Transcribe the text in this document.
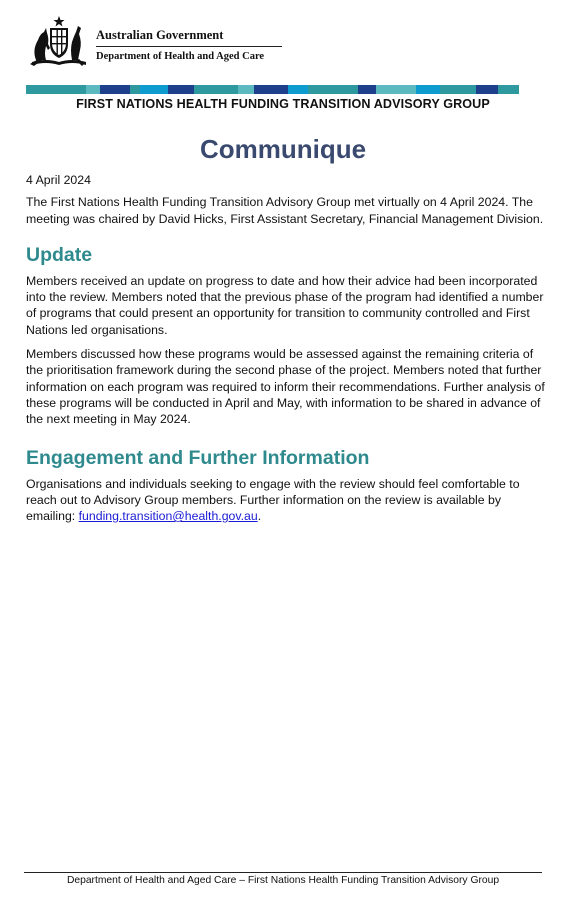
Australian Government
Department of Health and Aged Care
FIRST NATIONS HEALTH FUNDING TRANSITION ADVISORY GROUP
Communique

4 April 2024

The First Nations Health Funding Transition Advisory Group met virtually on 4 April 2024. The meeting was chaired by David Hicks, First Assistant Secretary, Financial Management Division.

Update

Members received an update on progress to date and how their advice had been incorporated into the review. Members noted that the previous phase of the program had identified a number of programs that could present an opportunity for transition to community controlled and First Nations led organisations.

Members discussed how these programs would be assessed against the remaining criteria of the prioritisation framework during the second phase of the project. Members noted that further information on each program was required to inform their recommendations. Further analysis of these programs will be conducted in April and May, with information to be shared in advance of the next meeting in May 2024.

Engagement and Further Information

Organisations and individuals seeking to engage with the review should feel comfortable to reach out to Advisory Group members. Further information on the review is available by emailing: funding.transition@health.gov.au.

Department of Health and Aged Care – First Nations Health Funding Transition Advisory Group
